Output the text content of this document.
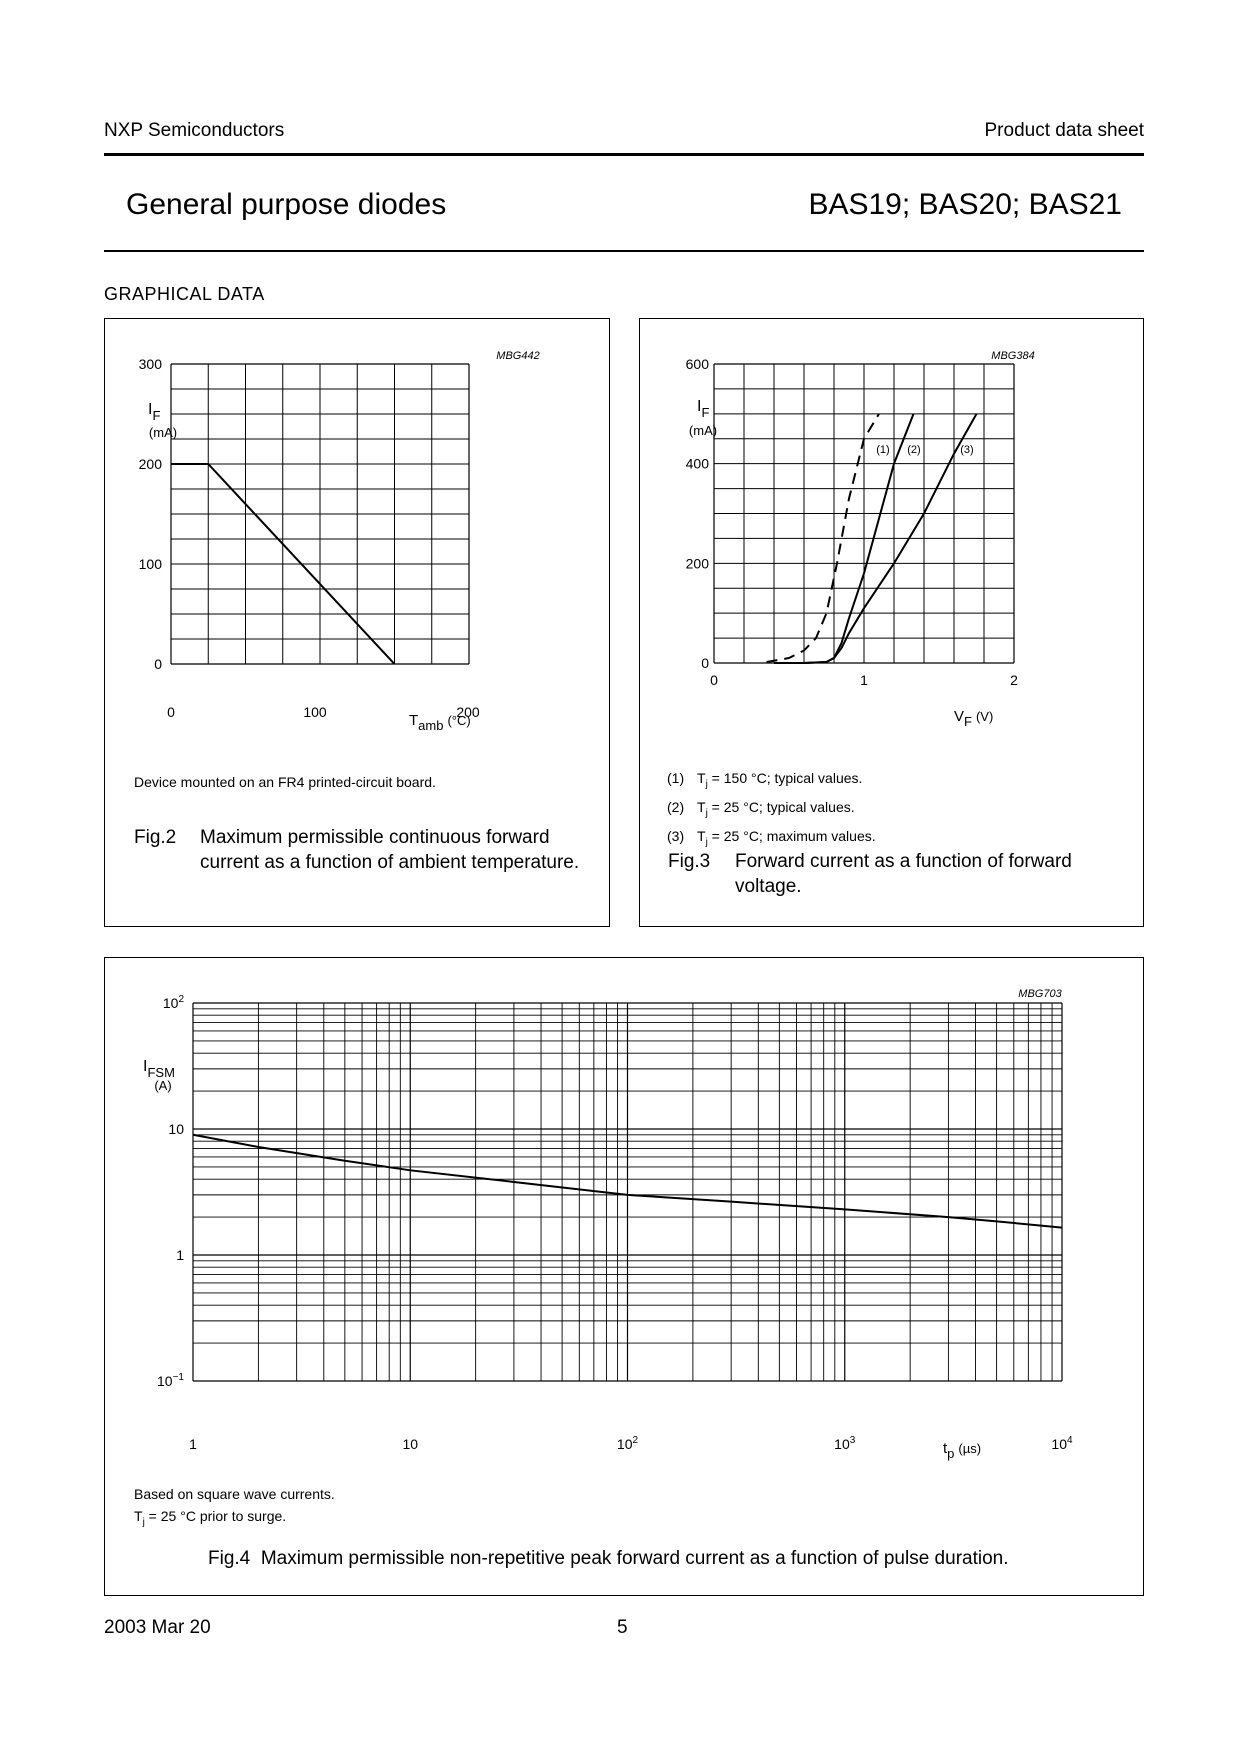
NXP Semiconductors	Product data sheet
General purpose diodes	BAS19; BAS20; BAS21
GRAPHICAL DATA
0
100
200
300
0	100	200
MBG442
$I_F$
(mA)
Tamb (°C)
Device mounted on an FR4 printed-circuit board.
Fig.2 Maximum permissible continuous forward current as a function of ambient temperature.
(1) (2)	(3)
0
200
400
600
0	1	2
MBG384
$I_F$
(mA)
VF (V)
(1) $T_j = 150$ °C; typical values.
(2) $T_j = 25$ °C; typical values.
(3) $T_j = 25$ °C; maximum values.
Fig.3 Forward current as a function of forward voltage.
$10^{-1}$
1
10
$10^2$
1	10	$10^2$	$10^3$	$10^4$
MBG703
$I_{FSM}$
(A)
tp (µs)
Based on square wave currents.
$T_j = 25$ °C prior to surge.
Fig.4 Maximum permissible non-repetitive peak forward current as a function of pulse duration.
2003 Mar 20	5
